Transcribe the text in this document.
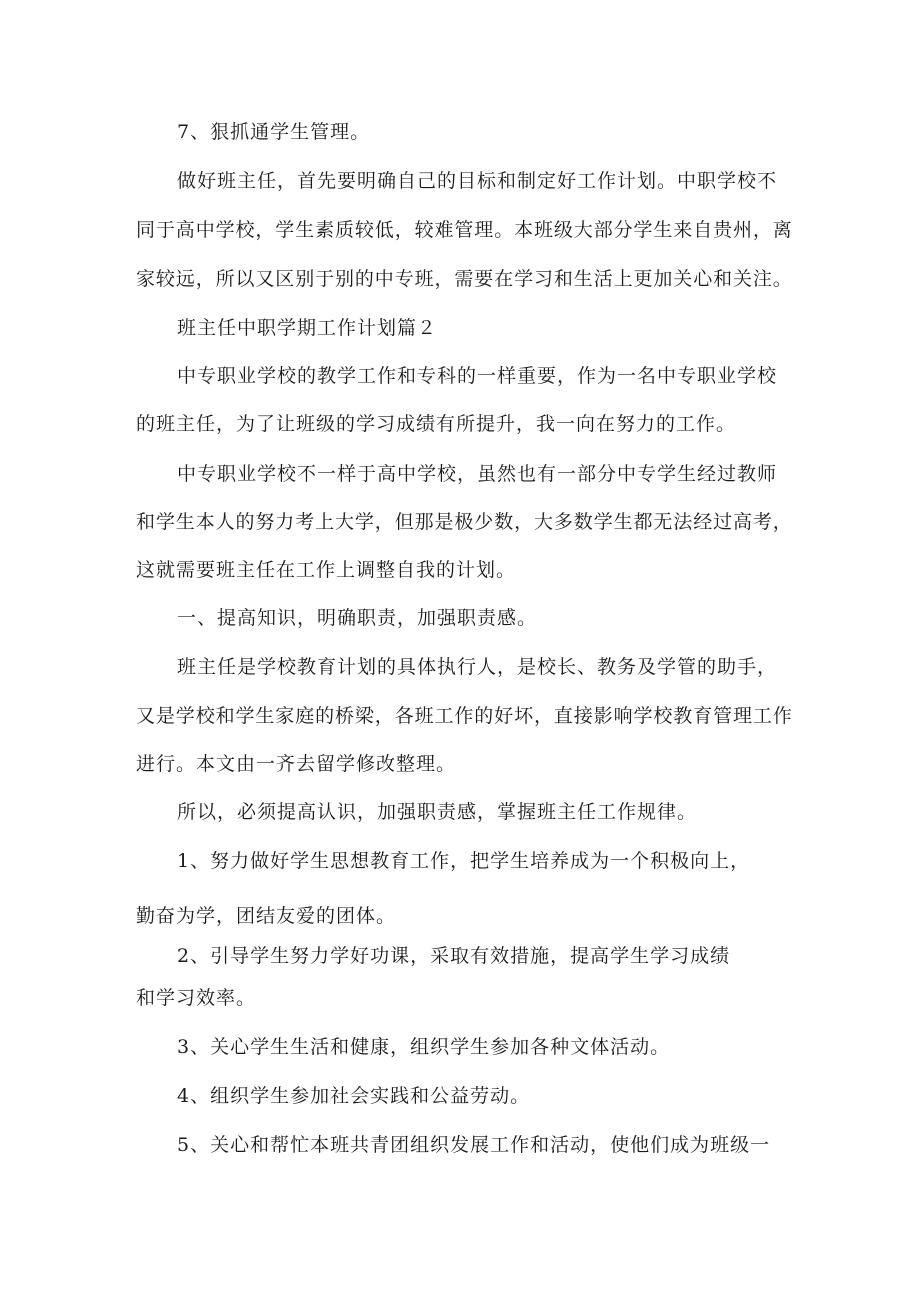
7、狠抓通学生管理。

做好班主任，首先要明确自己的目标和制定好工作计划。中职学校不

同于高中学校，学生素质较低，较难管理。本班级大部分学生来自贵州，离

家较远，所以又区别于别的中专班，需要在学习和生活上更加关心和关注。

班主任中职学期工作计划篇２

中专职业学校的教学工作和专科的一样重要，作为一名中专职业学校

的班主任，为了让班级的学习成绩有所提升，我一向在努力的工作。

中专职业学校不一样于高中学校，虽然也有一部分中专学生经过教师

和学生本人的努力考上大学，但那是极少数，大多数学生都无法经过高考，

这就需要班主任在工作上调整自我的计划。

一、提高知识，明确职责，加强职责感。

班主任是学校教育计划的具体执行人，是校长、教务及学管的助手，

又是学校和学生家庭的桥梁，各班工作的好坏，直接影响学校教育管理工作

进行。本文由一齐去留学修改整理。

所以，必须提高认识，加强职责感，掌握班主任工作规律。

1、努力做好学生思想教育工作，把学生培养成为一个积极向上，

勤奋为学，团结友爱的团体。

2、引导学生努力学好功课，采取有效措施，提高学生学习成绩

和学习效率。

3、关心学生生活和健康，组织学生参加各种文体活动。

4、组织学生参加社会实践和公益劳动。

5、关心和帮忙本班共青团组织发展工作和活动，使他们成为班级一
